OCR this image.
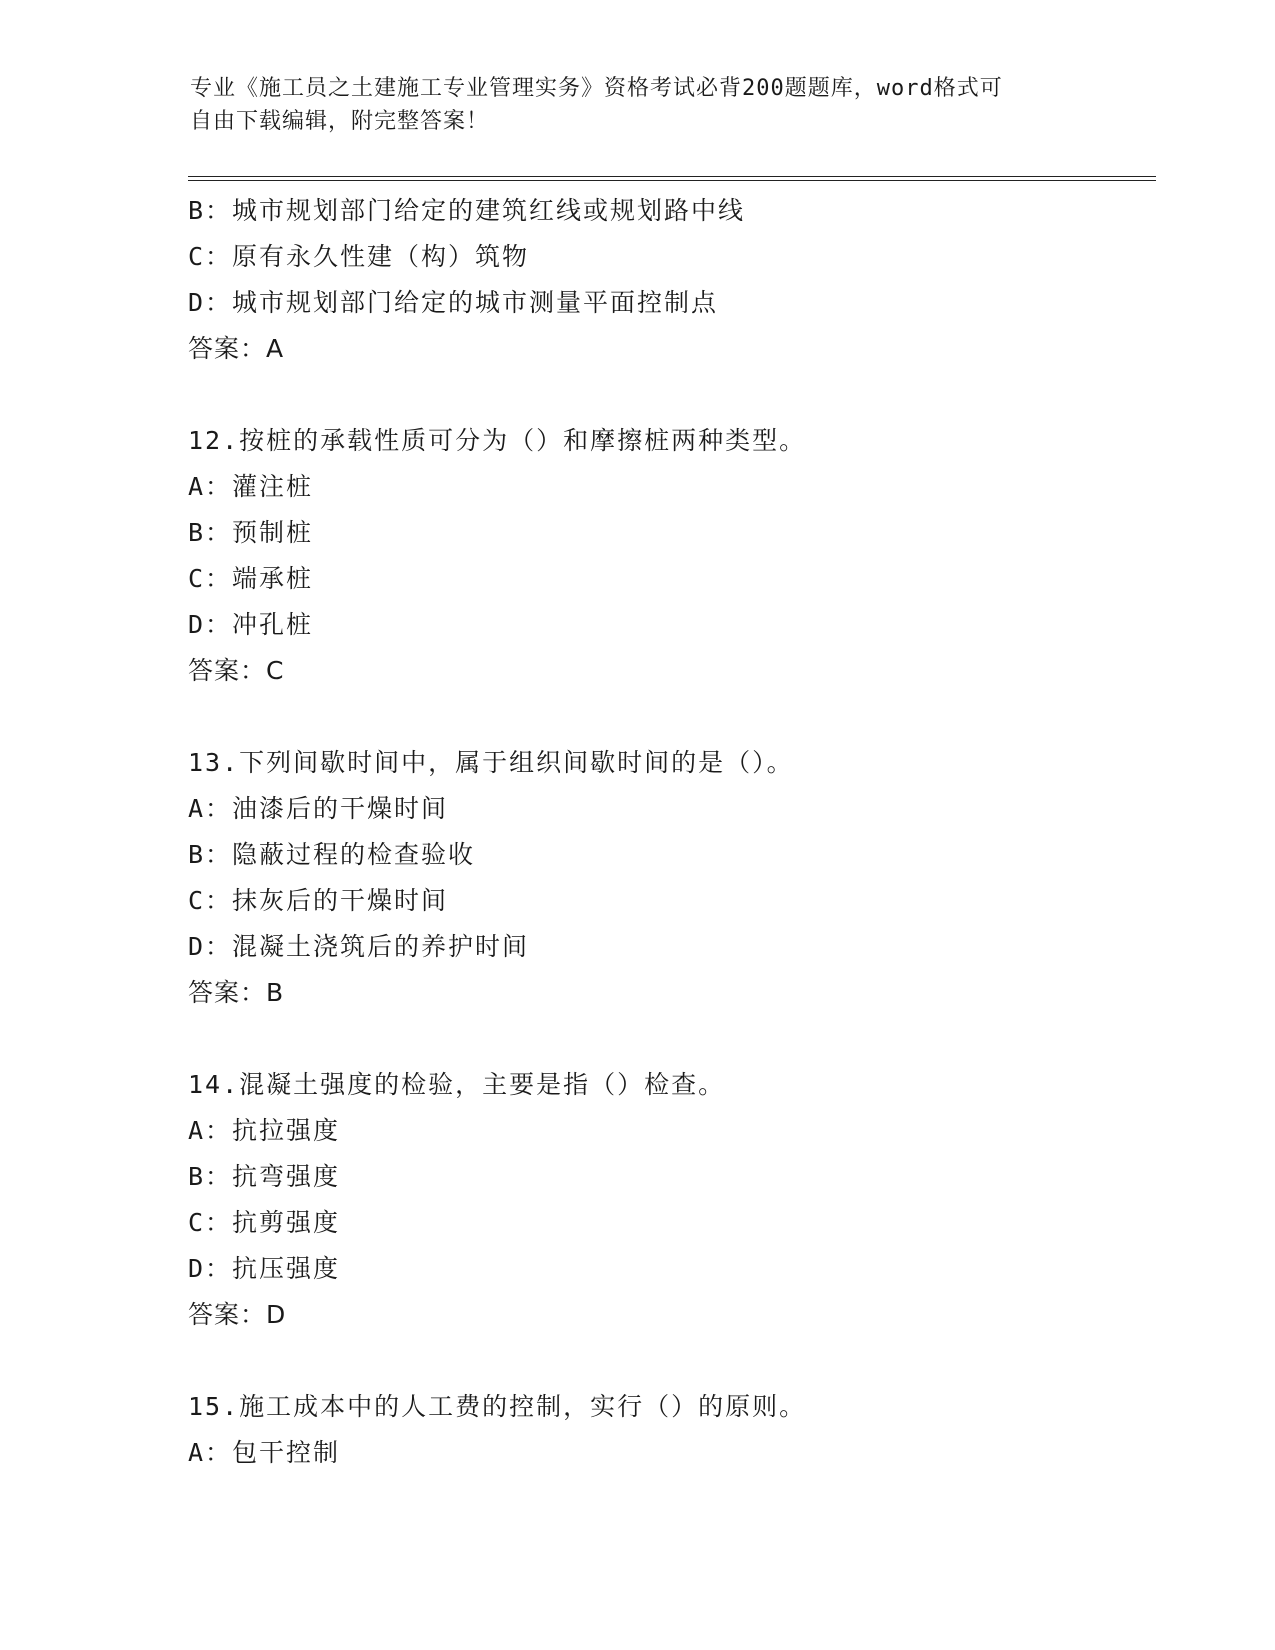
专业《施工员之土建施工专业管理实务》资格考试必背200题题库，word格式可
自由下载编辑，附完整答案！
B：城市规划部门给定的建筑红线或规划路中线
C：原有永久性建（构）筑物
D：城市规划部门给定的城市测量平面控制点
答案：A
12.按桩的承载性质可分为（）和摩擦桩两种类型。
A：灌注桩
B：预制桩
C：端承桩
D：冲孔桩
答案：C
13.下列间歇时间中，属于组织间歇时间的是（）。
A：油漆后的干燥时间
B：隐蔽过程的检查验收
C：抹灰后的干燥时间
D：混凝土浇筑后的养护时间
答案：B
14.混凝土强度的检验，主要是指（）检查。
A：抗拉强度
B：抗弯强度
C：抗剪强度
D：抗压强度
答案：D
15.施工成本中的人工费的控制，实行（）的原则。
A：包干控制
